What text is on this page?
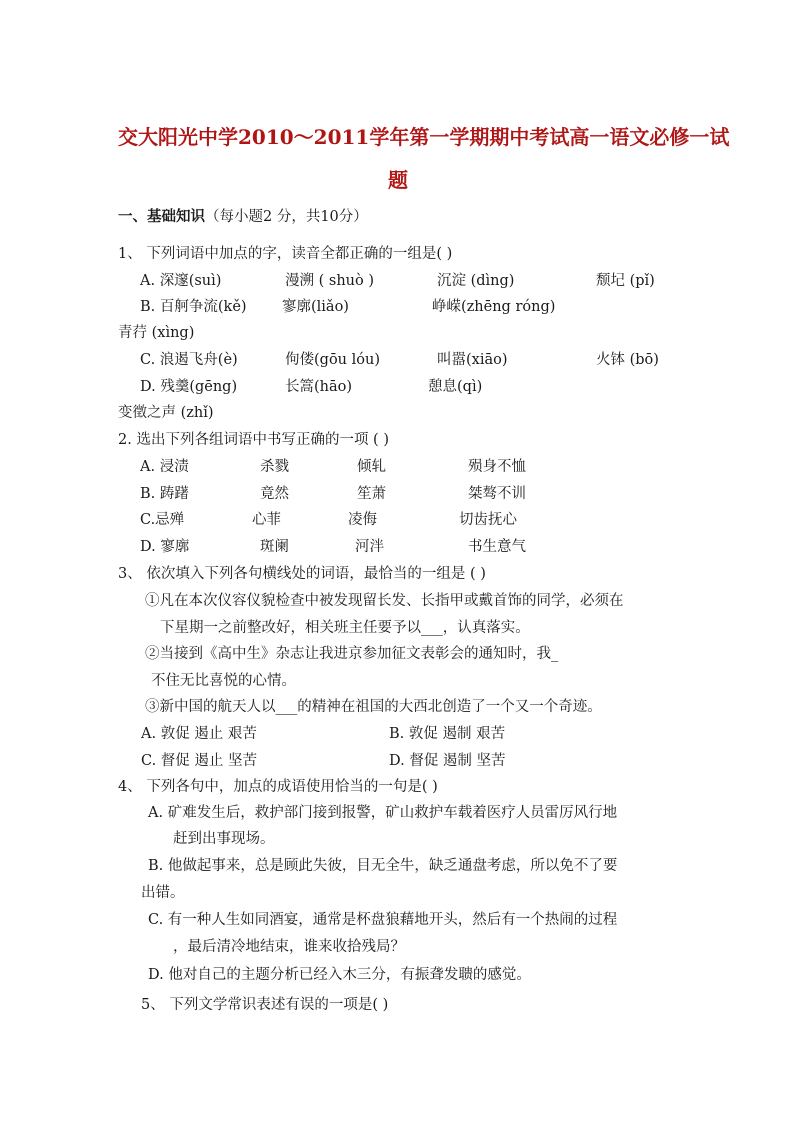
交大阳光中学2010～2011学年第一学期期中考试高一语文必修一试
题
一、基础知识（每小题2 分，共10分）
1、 下列词语中加点的字，读音全都正确的一组是( )
A. 深邃(suì)	漫溯 ( shuò )	沉淀 (dìng)	颓圮 (pǐ)
B. 百舸争流(kě) 寥廓(liǎo)	峥嵘(zhēng róng)
青荇 (xìng)
C. 浪遏飞舟(è)	佝偻(gōu lóu)	叫嚣(xiāo)	火钵 (bō)
D. 残羹(gēng)	长篙(hāo)	憩息(qì)
变徵之声 (zhǐ)
2. 选出下列各组词语中书写正确的一项 ( )
A. 浸渍	杀戮	倾轧	殒身不恤
B. 踌躇	竟然	笙萧	桀骜不训
C.忌殚	心菲	凌侮	切齿抚心
D. 寥廓	斑阑	河泮	书生意气
3、 依次填入下列各句横线处的词语，最恰当的一组是 ( )
①凡在本次仪容仪貌检查中被发现留长发、长指甲或戴首饰的同学，必须在
下星期一之前整改好，相关班主任要予以___，认真落实。
②当接到《高中生》杂志让我进京参加征文表彰会的通知时，我_
不住无比喜悦的心情。
③新中国的航天人以___的精神在祖国的大西北创造了一个又一个奇迹。
A. 敦促 遏止 艰苦	B. 敦促 遏制 艰苦
C. 督促 遏止 坚苦	D. 督促 遏制 坚苦
4、 下列各句中，加点的成语使用恰当的一句是( )
A. 矿难发生后，救护部门接到报警，矿山救护车载着医疗人员雷厉风行地
赶到出事现场。
B. 他做起事来，总是顾此失彼，目无全牛，缺乏通盘考虑，所以免不了要
出错。
C. 有一种人生如同酒宴，通常是杯盘狼藉地开头，然后有一个热闹的过程
，最后清冷地结束，谁来收拾残局？
D. 他对自己的主题分析已经入木三分，有振聋发聩的感觉。
5、 下列文学常识表述有误的一项是( )
